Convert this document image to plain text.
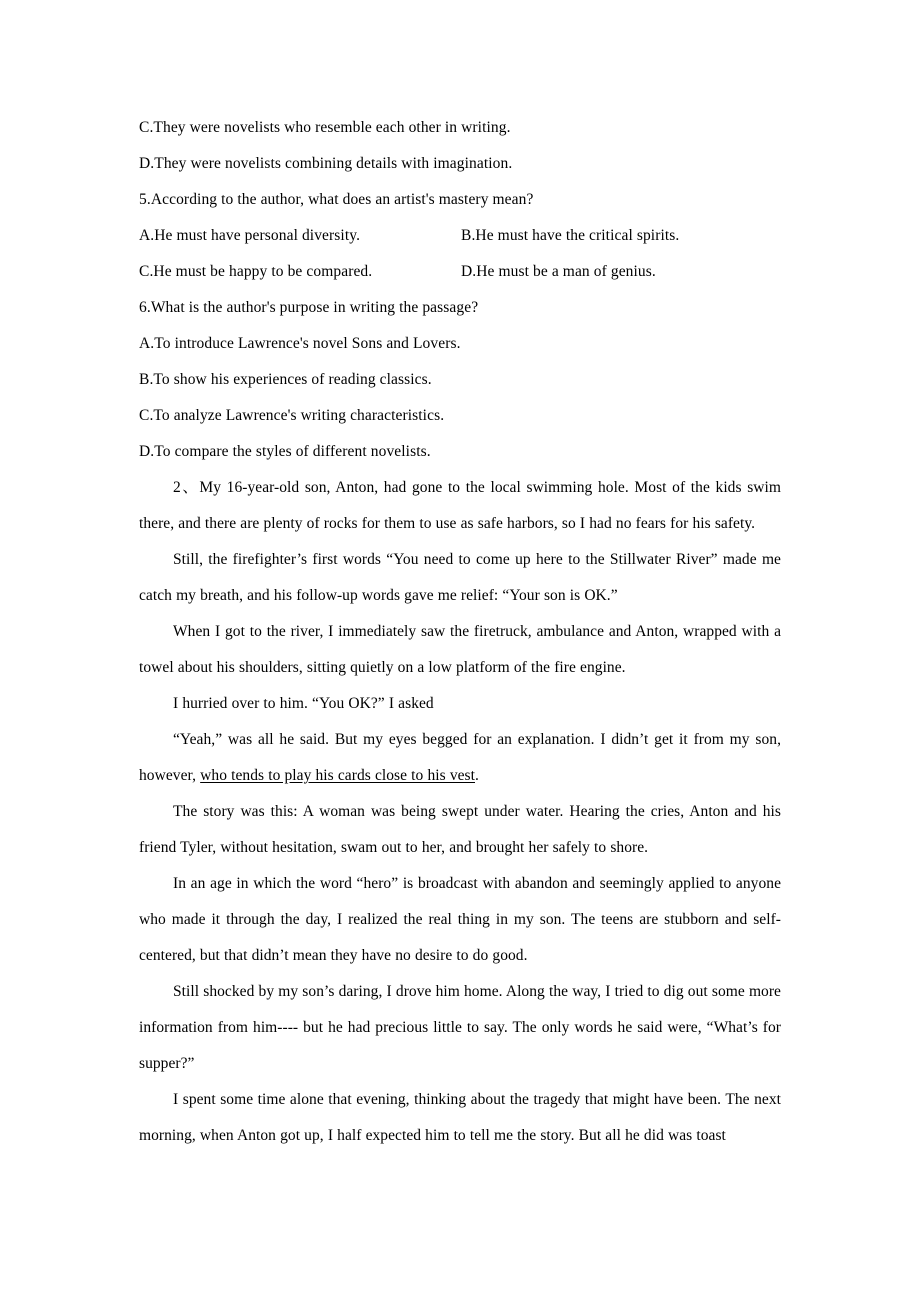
C.They were novelists who resemble each other in writing.
D.They were novelists combining details with imagination.
5.According to the author, what does an artist's mastery mean?
A.He must have personal diversity.	B.He must have the critical spirits.
C.He must be happy to be compared.	D.He must be a man of genius.
6.What is the author's purpose in writing the passage?
A.To introduce Lawrence's novel Sons and Lovers.
B.To show his experiences of reading classics.
C.To analyze Lawrence's writing characteristics.
D.To compare the styles of different novelists.

2、My 16-year-old son, Anton, had gone to the local swimming hole. Most of the kids swim there, and there are plenty of rocks for them to use as safe harbors, so I had no fears for his safety.

Still, the firefighter’s first words “You need to come up here to the Stillwater River” made me catch my breath, and his follow-up words gave me relief: “Your son is OK.”

When I got to the river, I immediately saw the firetruck, ambulance and Anton, wrapped with a towel about his shoulders, sitting quietly on a low platform of the fire engine.

I hurried over to him. “You OK?” I asked

“Yeah,” was all he said. But my eyes begged for an explanation. I didn’t get it from my son, however, who tends to play his cards close to his vest.

The story was this: A woman was being swept under water. Hearing the cries, Anton and his friend Tyler, without hesitation, swam out to her, and brought her safely to shore.

In an age in which the word “hero” is broadcast with abandon and seemingly applied to anyone who made it through the day, I realized the real thing in my son. The teens are stubborn and self-centered, but that didn’t mean they have no desire to do good.

Still shocked by my son’s daring, I drove him home. Along the way, I tried to dig out some more information from him---- but he had precious little to say. The only words he said were, “What’s for supper?”

I spent some time alone that evening, thinking about the tragedy that might have been. The next morning, when Anton got up, I half expected him to tell me the story. But all he did was toast
